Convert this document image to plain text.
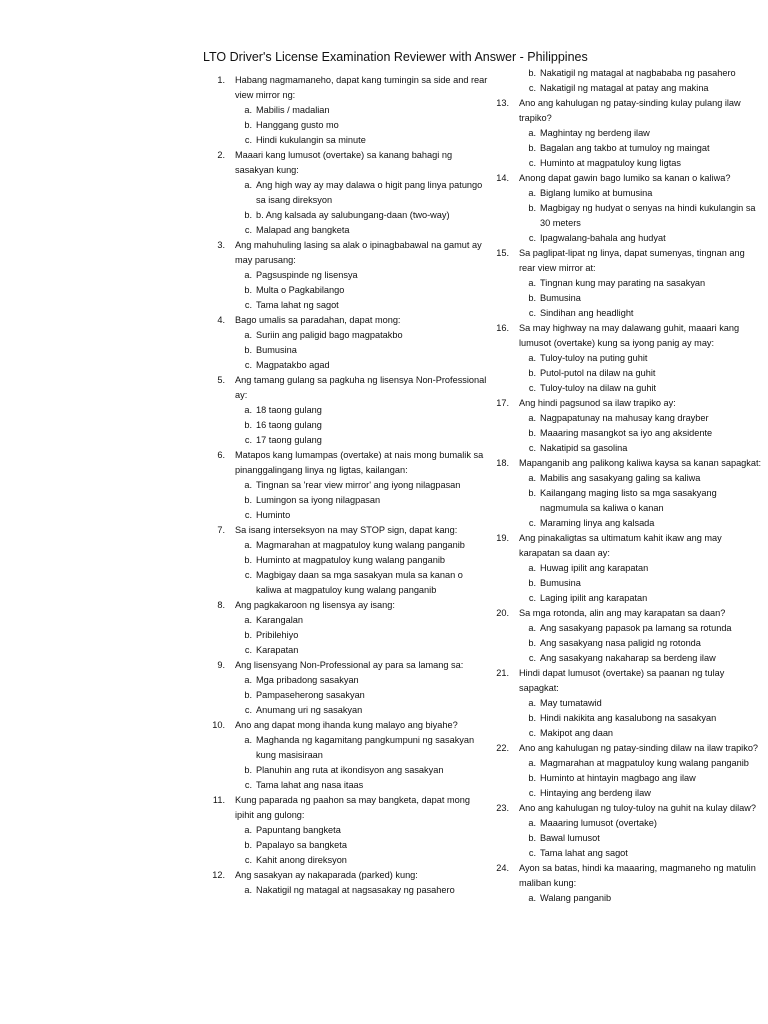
LTO Driver's License Examination Reviewer with Answer - Philippines
1.	Habang nagmamaneho, dapat kang tumingin sa side and rear view mirror ng:
a. Mabilis / madalian
b. Hanggang gusto mo
c. Hindi kukulangin sa minute
2.	Maaari kang lumusot (overtake) sa kanang bahagi ng sasakyan kung:
a. Ang high way ay may dalawa o higit pang linya patungo sa isang direksyon
b. b. Ang kalsada ay salubungang-daan (two-way)
c. Malapad ang bangketa
3.	Ang mahuhuling lasing sa alak o ipinagbabawal na gamut ay may parusang:
a. Pagsuspinde ng lisensya
b. Multa o Pagkabilango
c. Tama lahat ng sagot
4.	Bago umalis sa paradahan, dapat mong:
a. Suriin ang paligid bago magpatakbo
b. Bumusina
c. Magpatakbo agad
5.	Ang tamang gulang sa pagkuha ng lisensya Non-Professional ay:
a. 18 taong gulang
b. 16 taong gulang
c. 17 taong gulang
6.	Matapos kang lumampas (overtake) at nais mong bumalik sa pinanggalingang linya ng ligtas, kailangan:
a. Tingnan sa 'rear view mirror' ang iyong nilagpasan
b. Lumingon sa iyong nilagpasan
c. Huminto
7.	Sa isang interseksyon na may STOP sign, dapat kang:
a. Magmarahan at magpatuloy kung walang panganib
b. Huminto at magpatuloy kung walang panganib
c. Magbigay daan sa mga sasakyan mula sa kanan o kaliwa at magpatuloy kung walang panganib
8.	Ang pagkakaroon ng lisensya ay isang:
a. Karangalan
b. Pribilehiyo
c. Karapatan
9.	Ang lisensyang Non-Professional ay para sa lamang sa:
a. Mga pribadong sasakyan
b. Pampaseherong sasakyan
c. Anumang uri ng sasakyan
10.	Ano ang dapat mong ihanda kung malayo ang biyahe?
a. Maghanda ng kagamitang pangkumpuni ng sasakyan kung masisiraan
b. Planuhin ang ruta at ikondisyon ang sasakyan
c. Tama lahat ang nasa itaas
11.	Kung paparada ng paahon sa may bangketa, dapat mong ipihit ang gulong:
a. Papuntang bangketa
b. Papalayo sa bangketa
c. Kahit anong direksyon
12.	Ang sasakyan ay nakaparada (parked) kung:
a. Nakatigil ng matagal at nagsasakay ng pasahero
b. Nakatigil ng matagal at nagbababa ng pasahero
c. Nakatigil ng matagal at patay ang makina
13.	Ano ang kahulugan ng patay-sinding kulay pulang ilaw trapiko?
a. Maghintay ng berdeng ilaw
b. Bagalan ang takbo at tumuloy ng maingat
c. Huminto at magpatuloy kung ligtas
14.	Anong dapat gawin bago lumiko sa kanan o kaliwa?
a. Biglang lumiko at bumusina
b. Magbigay ng hudyat o senyas na hindi kukulangin sa 30 meters
c. Ipagwalang-bahala ang hudyat
15.	Sa paglipat-lipat ng linya, dapat sumenyas, tingnan ang rear view mirror at:
a. Tingnan kung may parating na sasakyan
b. Bumusina
c. Sindihan ang headlight
16.	Sa may highway na may dalawang guhit, maaari kang lumusot (overtake) kung sa iyong panig ay may:
a. Tuloy-tuloy na puting guhit
b. Putol-putol na dilaw na guhit
c. Tuloy-tuloy na dilaw na guhit
17.	Ang hindi pagsunod sa ilaw trapiko ay:
a. Nagpapatunay na mahusay kang drayber
b. Maaaring masangkot sa iyo ang aksidente
c. Nakatipid sa gasolina
18.	Mapanganib ang palikong kaliwa kaysa sa kanan sapagkat:
a. Mabilis ang sasakyang galing sa kaliwa
b. Kailangang maging listo sa mga sasakyang nagmumula sa kaliwa o kanan
c. Maraming linya ang kalsada
19.	Ang pinakaligtas sa ultimatum kahit ikaw ang may karapatan sa daan ay:
a. Huwag ipilit ang karapatan
b. Bumusina
c. Laging ipilit ang karapatan
20.	Sa mga rotonda, alin ang may karapatan sa daan?
a. Ang sasakyang papasok pa lamang sa rotunda
b. Ang sasakyang nasa paligid ng rotonda
c. Ang sasakyang nakaharap sa berdeng ilaw
21.	Hindi dapat lumusot (overtake) sa paanan ng tulay sapagkat:
a. May tumatawid
b. Hindi nakikita ang kasalubong na sasakyan
c. Makipot ang daan
22.	Ano ang kahulugan ng patay-sinding dilaw na ilaw trapiko?
a. Magmarahan at magpatuloy kung walang panganib
b. Huminto at hintayin magbago ang ilaw
c. Hintaying ang berdeng ilaw
23.	Ano ang kahulugan ng tuloy-tuloy na guhit na kulay dilaw?
a. Maaaring lumusot (overtake)
b. Bawal lumusot
c. Tama lahat ang sagot
24.	Ayon sa batas, hindi ka maaaring, magmaneho ng matulin maliban kung:
a. Walang panganib
